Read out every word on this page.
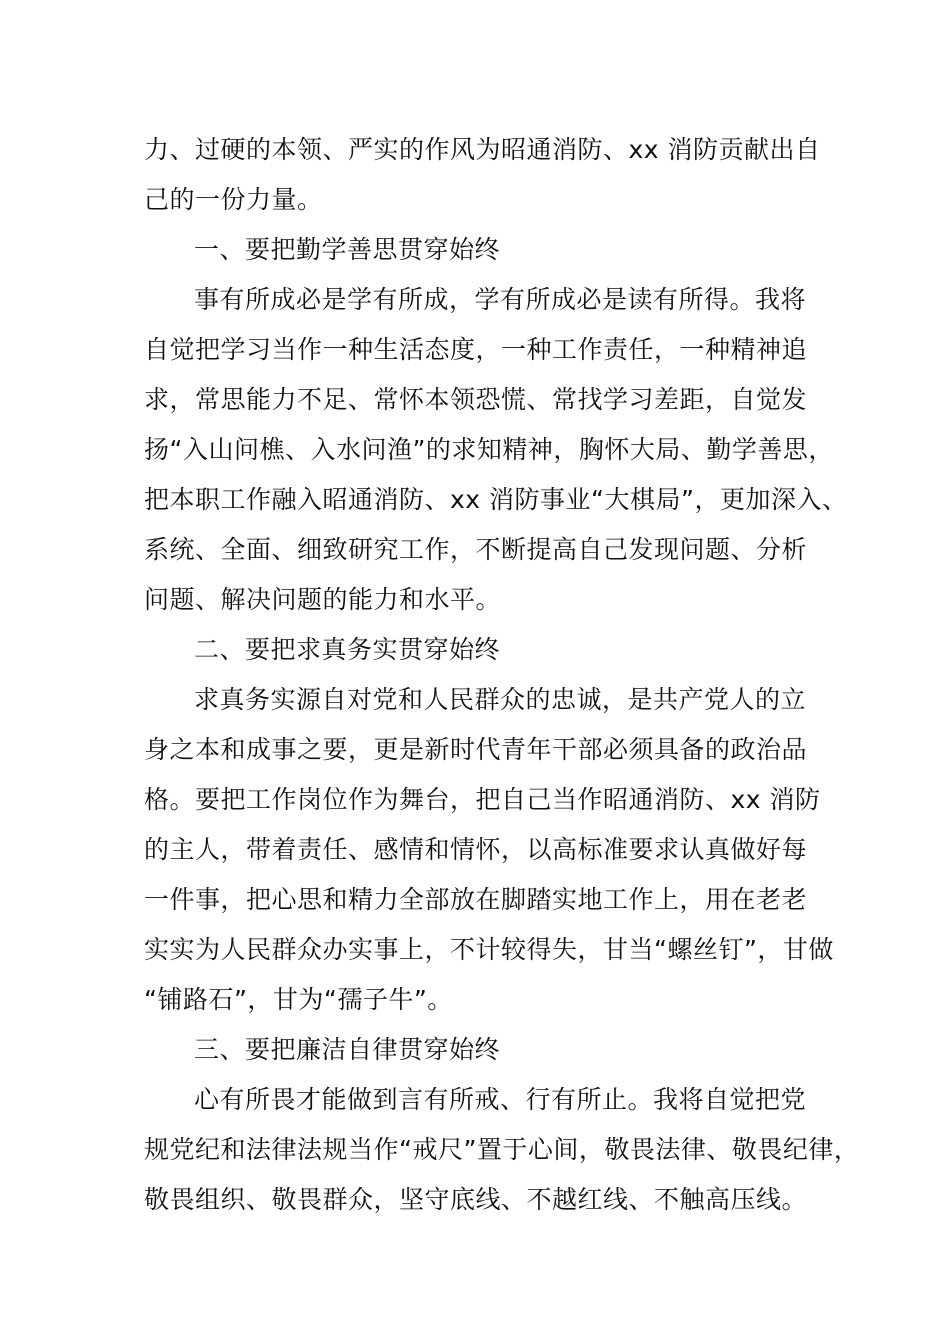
力、过硬的本领、严实的作风为昭通消防、xx 消防贡献出自
己的一份力量。
一、要把勤学善思贯穿始终
事有所成必是学有所成，学有所成必是读有所得。我将
自觉把学习当作一种生活态度，一种工作责任，一种精神追
求，常思能力不足、常怀本领恐慌、常找学习差距，自觉发
扬“入山问樵、入水问渔”的求知精神，胸怀大局、勤学善思，
把本职工作融入昭通消防、xx 消防事业“大棋局”，更加深入、
系统、全面、细致研究工作，不断提高自己发现问题、分析
问题、解决问题的能力和水平。
二、要把求真务实贯穿始终
求真务实源自对党和人民群众的忠诚，是共产党人的立
身之本和成事之要，更是新时代青年干部必须具备的政治品
格。要把工作岗位作为舞台，把自己当作昭通消防、xx 消防
的主人，带着责任、感情和情怀，以高标准要求认真做好每
一件事，把心思和精力全部放在脚踏实地工作上，用在老老
实实为人民群众办实事上，不计较得失，甘当“螺丝钉”，甘做
“铺路石”，甘为“孺子牛”。
三、要把廉洁自律贯穿始终
心有所畏才能做到言有所戒、行有所止。我将自觉把党
规党纪和法律法规当作“戒尺”置于心间，敬畏法律、敬畏纪律，
敬畏组织、敬畏群众，坚守底线、不越红线、不触高压线。
